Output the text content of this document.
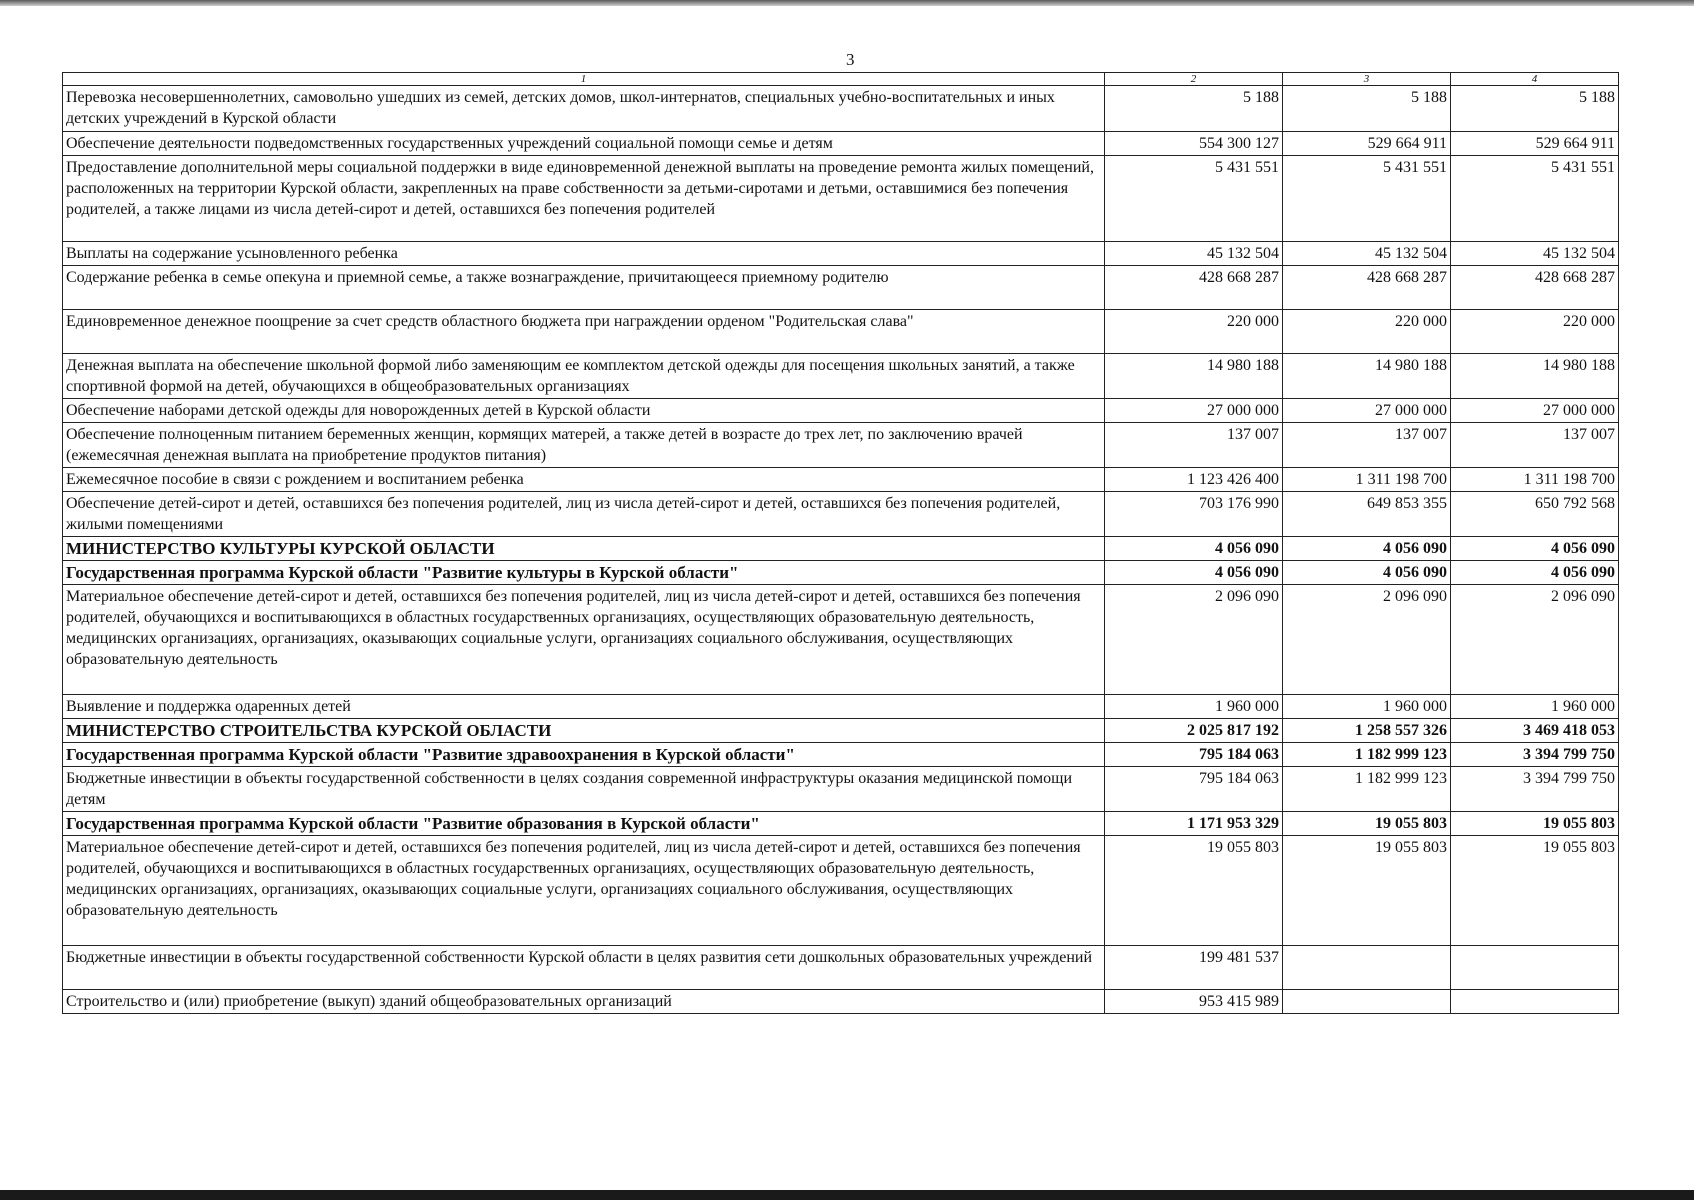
3
1	2	3	4
Перевозка несовершеннолетних, самовольно ушедших из семей, детских домов, школ-интернатов, специальных учебно-воспитательных и иных детских учреждений в Курской области	5 188	5 188	5 188
Обеспечение деятельности подведомственных государственных учреждений социальной помощи семье и детям	554 300 127	529 664 911	529 664 911
Предоставление дополнительной меры социальной поддержки в виде единовременной денежной выплаты на проведение ремонта жилых помещений, расположенных на территории Курской области, закрепленных на праве собственности за детьми-сиротами и детьми, оставшимися без попечения родителей, а также лицами из числа детей-сирот и детей, оставшихся без попечения родителей	5 431 551	5 431 551	5 431 551
Выплаты на содержание усыновленного ребенка	45 132 504	45 132 504	45 132 504
Содержание ребенка в семье опекуна и приемной семье, а также вознаграждение, причитающееся приемному родителю	428 668 287	428 668 287	428 668 287
Единовременное денежное поощрение за счет средств областного бюджета при награждении орденом "Родительская слава"	220 000	220 000	220 000
Денежная выплата на обеспечение школьной формой либо заменяющим ее комплектом детской одежды для посещения школьных занятий, а также спортивной формой на детей, обучающихся в общеобразовательных организациях	14 980 188	14 980 188	14 980 188
Обеспечение наборами детской одежды для новорожденных детей в Курской области	27 000 000	27 000 000	27 000 000
Обеспечение полноценным питанием беременных женщин, кормящих матерей, а также детей в возрасте до трех лет, по заключению врачей (ежемесячная денежная выплата на приобретение продуктов питания)	137 007	137 007	137 007
Ежемесячное пособие в связи с рождением и воспитанием ребенка	1 123 426 400	1 311 198 700	1 311 198 700
Обеспечение детей-сирот и детей, оставшихся без попечения родителей, лиц из числа детей-сирот и детей, оставшихся без попечения родителей, жилыми помещениями	703 176 990	649 853 355	650 792 568
МИНИСТЕРСТВО КУЛЬТУРЫ КУРСКОЙ ОБЛАСТИ	4 056 090	4 056 090	4 056 090
Государственная программа Курской области "Развитие культуры в Курской области"	4 056 090	4 056 090	4 056 090
Материальное обеспечение детей-сирот и детей, оставшихся без попечения родителей, лиц из числа детей-сирот и детей, оставшихся без попечения родителей, обучающихся и воспитывающихся в областных государственных организациях, осуществляющих образовательную деятельность, медицинских организациях, организациях, оказывающих социальные услуги, организациях социального обслуживания, осуществляющих образовательную деятельность	2 096 090	2 096 090	2 096 090
Выявление и поддержка одаренных детей	1 960 000	1 960 000	1 960 000
МИНИСТЕРСТВО СТРОИТЕЛЬСТВА КУРСКОЙ ОБЛАСТИ	2 025 817 192	1 258 557 326	3 469 418 053
Государственная программа Курской области "Развитие здравоохранения в Курской области"	795 184 063	1 182 999 123	3 394 799 750
Бюджетные инвестиции в объекты государственной собственности в целях создания современной инфраструктуры оказания медицинской помощи детям	795 184 063	1 182 999 123	3 394 799 750
Государственная программа Курской области "Развитие образования в Курской области"	1 171 953 329	19 055 803	19 055 803
Материальное обеспечение детей-сирот и детей, оставшихся без попечения родителей, лиц из числа детей-сирот и детей, оставшихся без попечения родителей, обучающихся и воспитывающихся в областных государственных организациях, осуществляющих образовательную деятельность, медицинских организациях, организациях, оказывающих социальные услуги, организациях социального обслуживания, осуществляющих образовательную деятельность	19 055 803	19 055 803	19 055 803
Бюджетные инвестиции в объекты государственной собственности Курской области в целях развития сети дошкольных образовательных учреждений	199 481 537		
Строительство и (или) приобретение (выкуп) зданий общеобразовательных организаций	953 415 989		
